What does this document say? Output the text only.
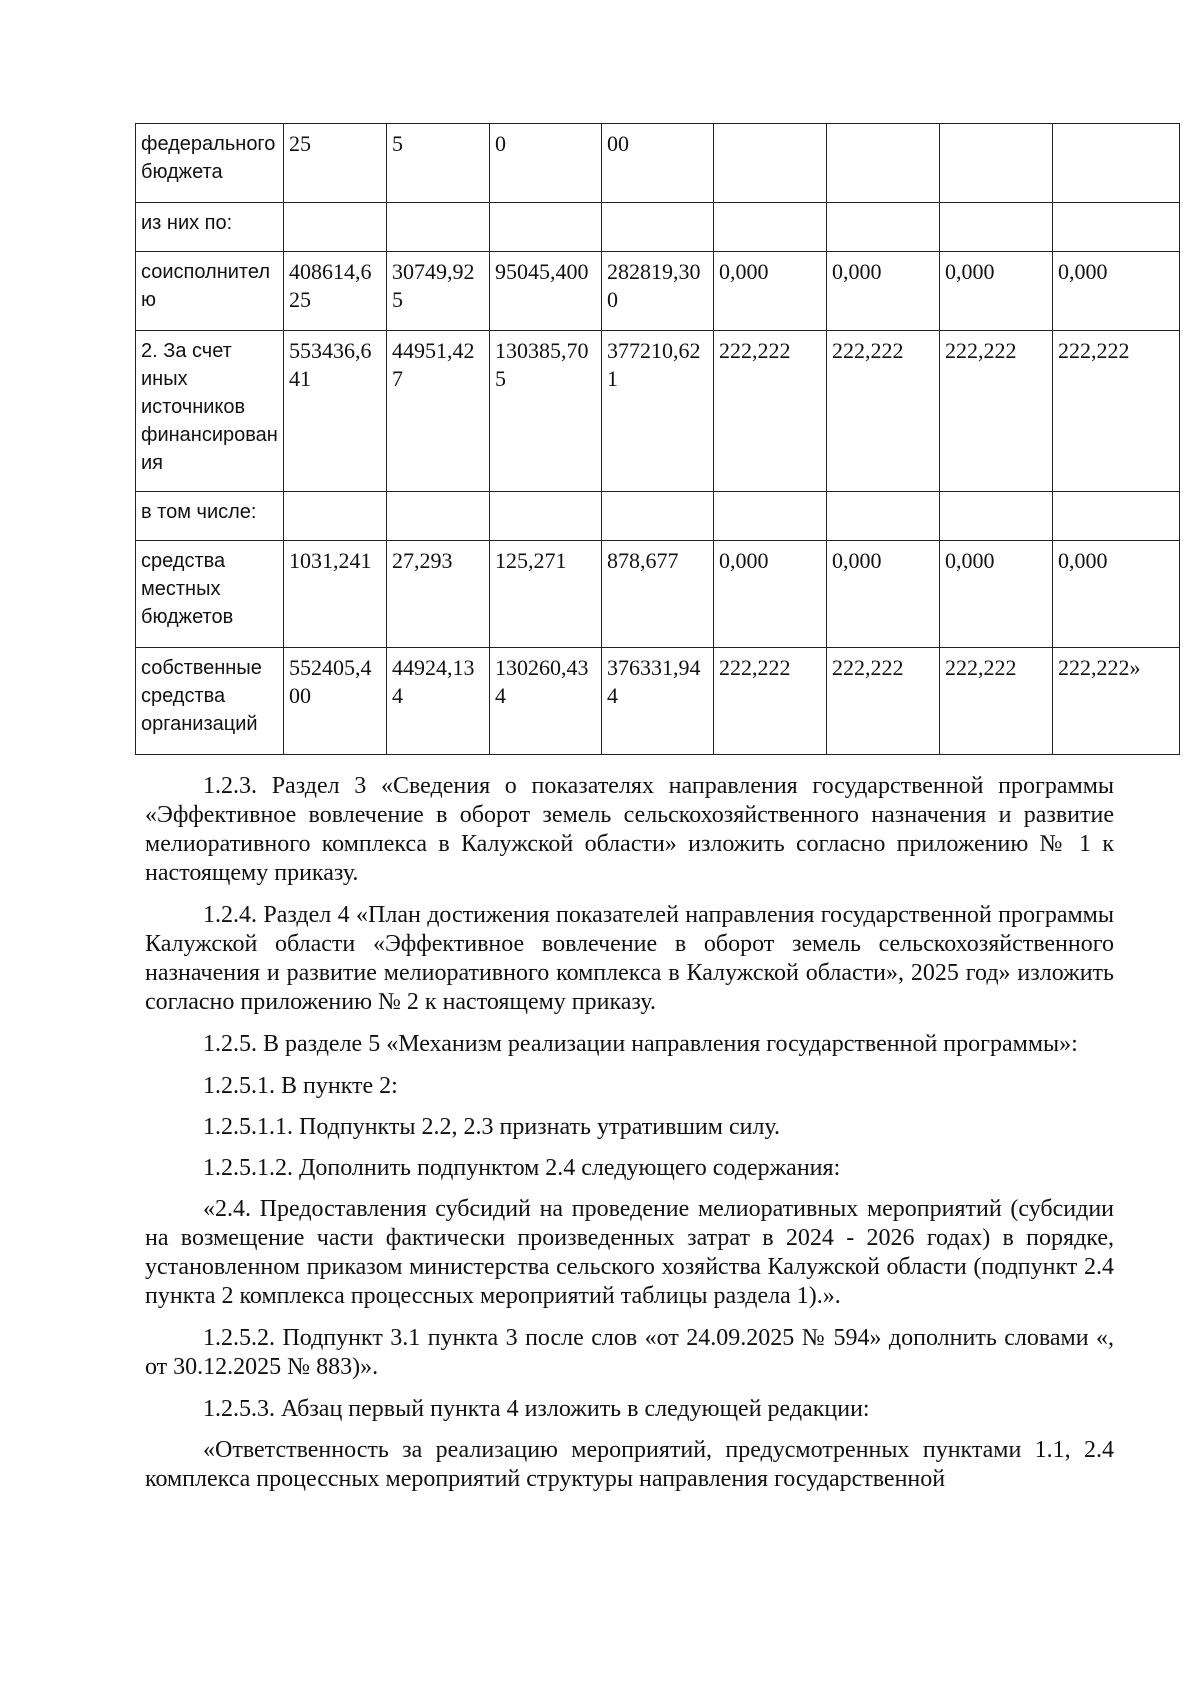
федерального бюджета	25	5	0	00				
из них по:								
соисполнителю	408614,625	30749,925	95045,400	282819,300	0,000	0,000	0,000	0,000
2. За счет иных источников финансирования	553436,641	44951,427	130385,705	377210,621	222,222	222,222	222,222	222,222
в том числе:								
средства местных бюджетов	1031,241	27,293	125,271	878,677	0,000	0,000	0,000	0,000
собственные средства организаций	552405,400	44924,134	130260,434	376331,944	222,222	222,222	222,222	222,222»

1.2.3. Раздел 3 «Сведения о показателях направления государственной программы «Эффективное вовлечение в оборот земель сельскохозяйственного назначения и развитие мелиоративного комплекса в Калужской области» изложить согласно приложению № 1 к настоящему приказу.

1.2.4. Раздел 4 «План достижения показателей направления государственной программы Калужской области «Эффективное вовлечение в оборот земель сельскохозяйственного назначения и развитие мелиоративного комплекса в Калужской области», 2025 год» изложить согласно приложению № 2 к настоящему приказу.

1.2.5. В разделе 5 «Механизм реализации направления государственной программы»:

1.2.5.1. В пункте 2:

1.2.5.1.1. Подпункты 2.2, 2.3 признать утратившим силу.

1.2.5.1.2. Дополнить подпунктом 2.4 следующего содержания:

«2.4. Предоставления субсидий на проведение мелиоративных мероприятий (субсидии на возмещение части фактически произведенных затрат в 2024 - 2026 годах) в порядке, установленном приказом министерства сельского хозяйства Калужской области (подпункт 2.4 пункта 2 комплекса процессных мероприятий таблицы раздела 1).».

1.2.5.2. Подпункт 3.1 пункта 3 после слов «от 24.09.2025 № 594» дополнить словами «, от 30.12.2025 № 883)».

1.2.5.3. Абзац первый пункта 4 изложить в следующей редакции:

«Ответственность за реализацию мероприятий, предусмотренных пунктами 1.1, 2.4 комплекса процессных мероприятий структуры направления государственной
